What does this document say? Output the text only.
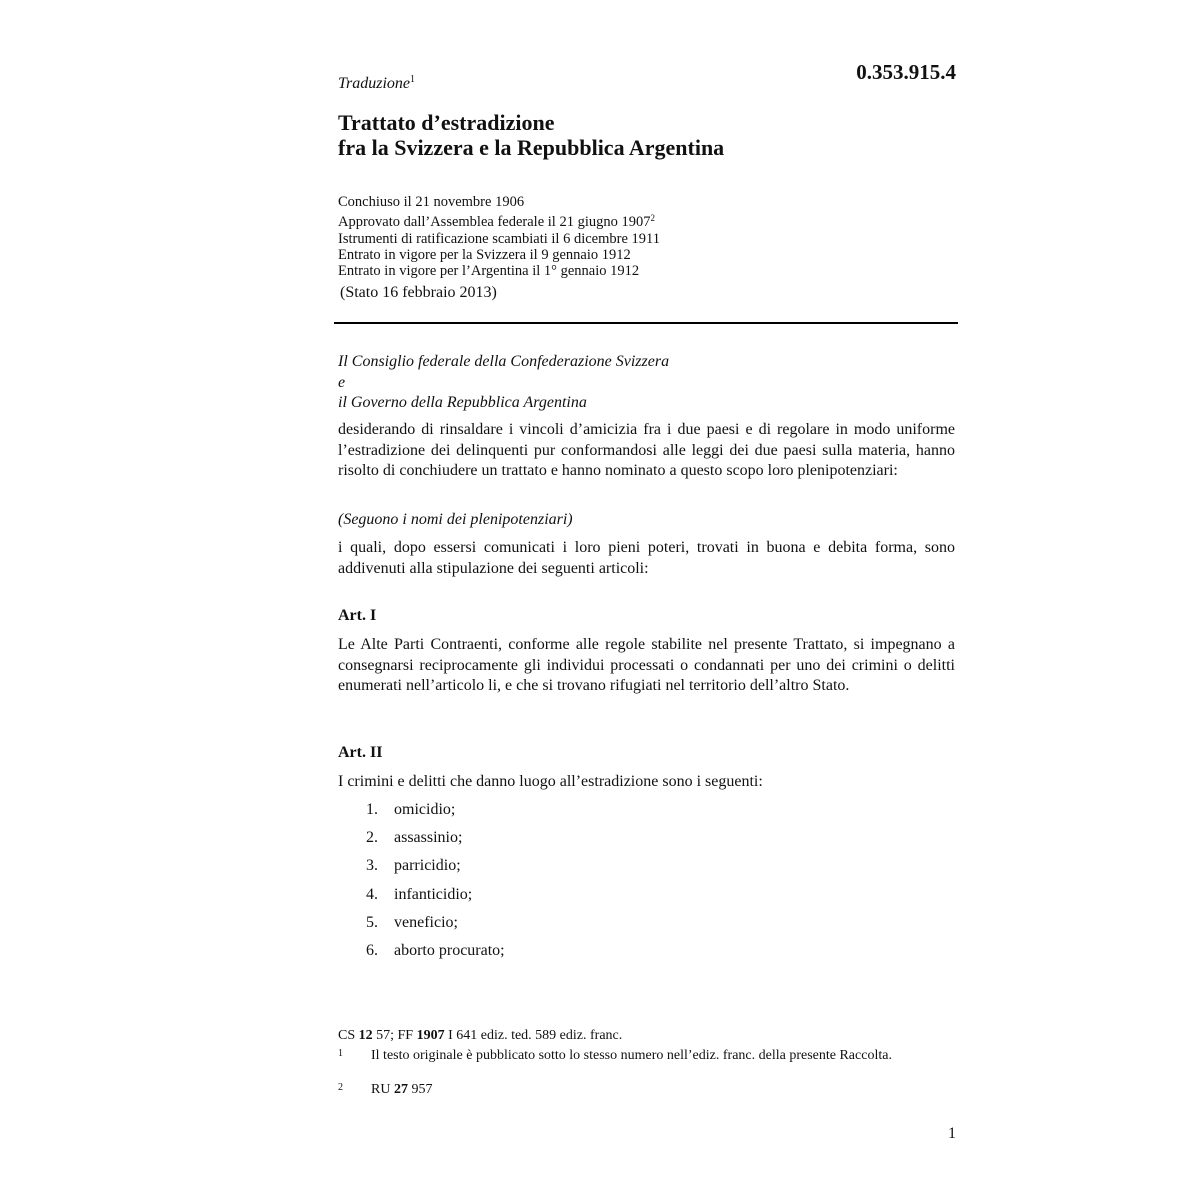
0.353.915.4
Traduzione$^1$
Trattato d’estradizione
fra la Svizzera e la Repubblica Argentina
Conchiuso il 21 novembre 1906
Approvato dall’Assemblea federale il 21 giugno 1907$^2$
Istrumenti di ratificazione scambiati il 6 dicembre 1911
Entrato in vigore per la Svizzera il 9 gennaio 1912
Entrato in vigore per l’Argentina il 1° gennaio 1912
(Stato 16 febbraio 2013)
Il Consiglio federale della Confederazione Svizzera
e
il Governo della Repubblica Argentina
desiderando di rinsaldare i vincoli d’amicizia fra i due paesi e di regolare in modo uniforme l’estradizione dei delinquenti pur conformandosi alle leggi dei due paesi sulla materia, hanno risolto di conchiudere un trattato e hanno nominato a questo scopo loro plenipotenziari:
(Seguono i nomi dei plenipotenziari)
i quali, dopo essersi comunicati i loro pieni poteri, trovati in buona e debita forma, sono addivenuti alla stipulazione dei seguenti articoli:
Art. I
Le Alte Parti Contraenti, conforme alle regole stabilite nel presente Trattato, si impegnano a consegnarsi reciprocamente gli individui processati o condannati per uno dei crimini o delitti enumerati nell’articolo li, e che si trovano rifugiati nel territorio dell’altro Stato.
Art. II
I crimini e delitti che danno luogo all’estradizione sono i seguenti:
1. omicidio;
2. assassinio;
3. parricidio;
4. infanticidio;
5. veneficio;
6. aborto procurato;
CS 12 57; FF 1907 I 641 ediz. ted. 589 ediz. franc.
1 Il testo originale è pubblicato sotto lo stesso numero nell’ediz. franc. della presente Raccolta.
2 RU 27 957
1
